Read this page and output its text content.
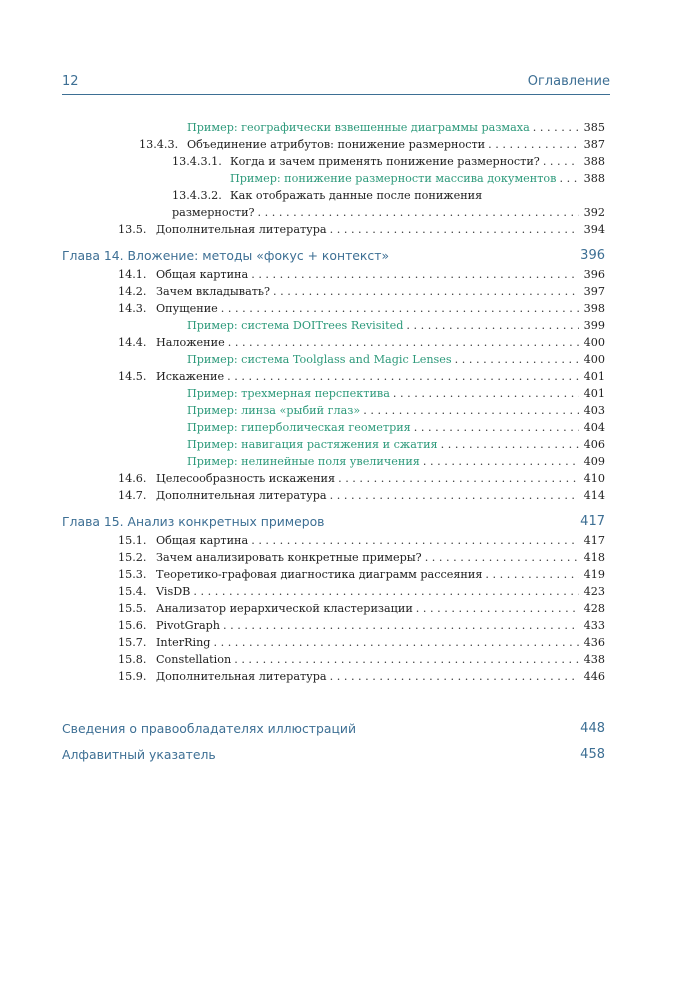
12	Оглавление
Пример: географически взвешенные диаграммы размаха . . .	385
13.4.3. Объединение атрибутов: понижение размерности . . .	387
13.4.3.1. Когда и зачем применять понижение размерности? . . .	388
Пример: понижение размерности массива документов . . . 388
13.4.3.2. Как отображать данные после понижения
размерности? . . .	392
13.5. Дополнительная литература . . .	394
Глава 14. Вложение: методы «фокус + контекст»	396
14.1. Общая картина . . .	396
14.2. Зачем вкладывать? . . .	397
14.3. Опущение . . .	398
Пример: система DOITrees Revisited . . .	399
14.4. Наложение . . .	400
Пример: система Toolglass and Magic Lenses . . .	400
14.5. Искажение . . .	401
Пример: трехмерная перспектива . . .	401
Пример: линза «рыбий глаз» . . .	403
Пример: гиперболическая геометрия . . .	404
Пример: навигация растяжения и сжатия . . .	406
Пример: нелинейные поля увеличения . . .	409
14.6. Целесообразность искажения . . .	410
14.7. Дополнительная литература . . .	414
Глава 15. Анализ конкретных примеров	417
15.1. Общая картина . . .	417
15.2. Зачем анализировать конкретные примеры? . . .	418
15.3. Теоретико-графовая диагностика диаграмм рассеяния . . .	419
15.4. VisDB . . .	423
15.5. Анализатор иерархической кластеризации . . .	428
15.6. PivotGraph . . .	433
15.7. InterRing . . .	436
15.8. Constellation . . .	438
15.9. Дополнительная литература . . .	446
Сведения о правообладателях иллюстраций	448
Алфавитный указатель	458
